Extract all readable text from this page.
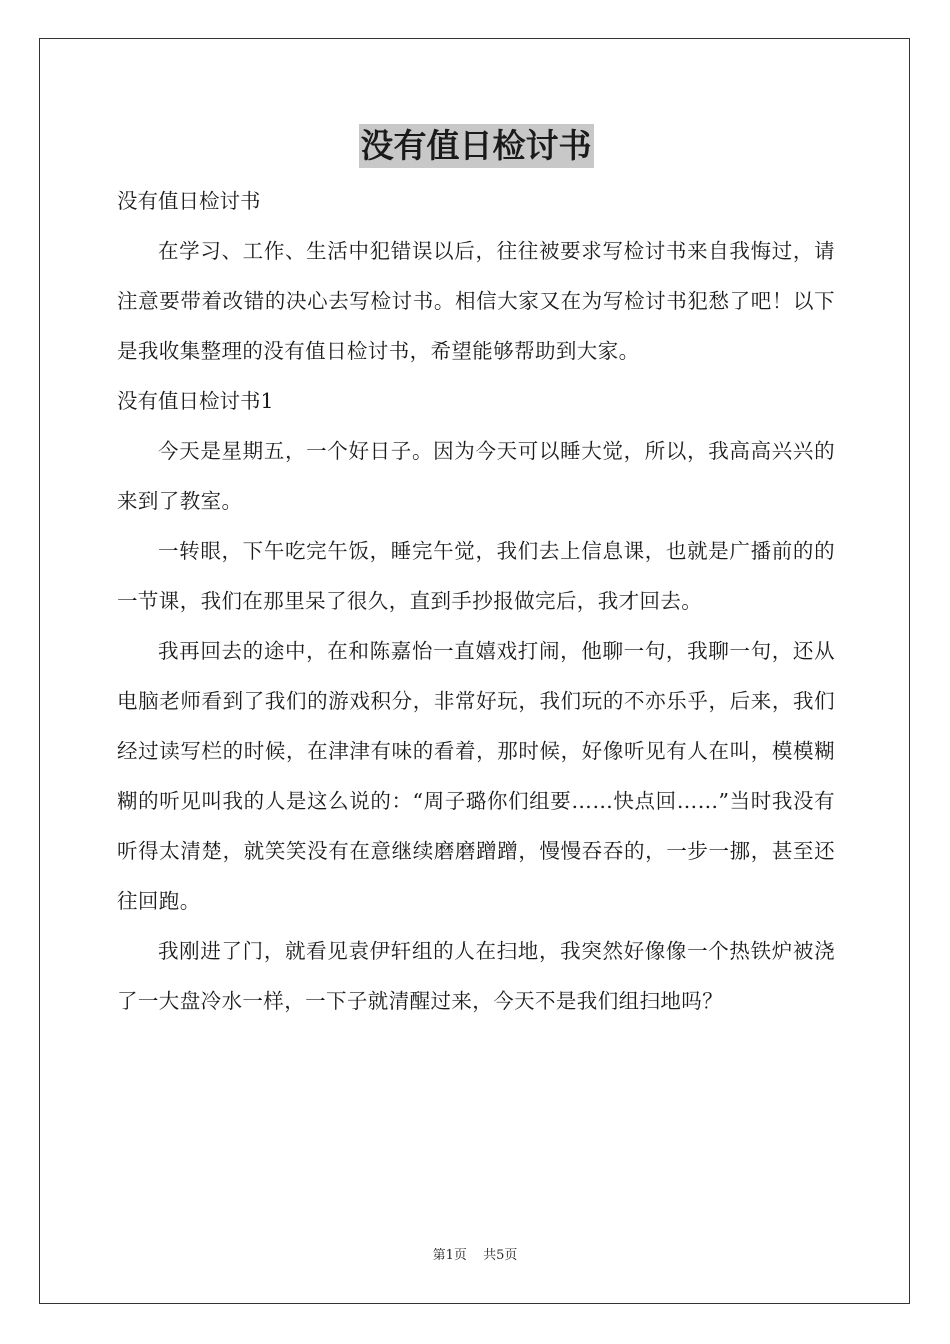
没有值日检讨书

没有值日检讨书

在学习、工作、生活中犯错误以后，往往被要求写检讨书来自我悔过，请注意要带着改错的决心去写检讨书。相信大家又在为写检讨书犯愁了吧！以下是我收集整理的没有值日检讨书，希望能够帮助到大家。

没有值日检讨书1

今天是星期五，一个好日子。因为今天可以睡大觉，所以，我高高兴兴的来到了教室。

一转眼，下午吃完午饭，睡完午觉，我们去上信息课，也就是广播前的的一节课，我们在那里呆了很久，直到手抄报做完后，我才回去。

我再回去的途中，在和陈嘉怡一直嬉戏打闹，他聊一句，我聊一句，还从电脑老师看到了我们的游戏积分，非常好玩，我们玩的不亦乐乎，后来，我们经过读写栏的时候，在津津有味的看着，那时候，好像听见有人在叫，模模糊糊的听见叫我的人是这么说的：“周子璐你们组要……快点回……”当时我没有听得太清楚，就笑笑没有在意继续磨磨蹭蹭，慢慢吞吞的，一步一挪，甚至还往回跑。

我刚进了门，就看见袁伊轩组的人在扫地，我突然好像像一个热铁炉被浇了一大盘冷水一样，一下子就清醒过来，今天不是我们组扫地吗？

第1页 共5页
